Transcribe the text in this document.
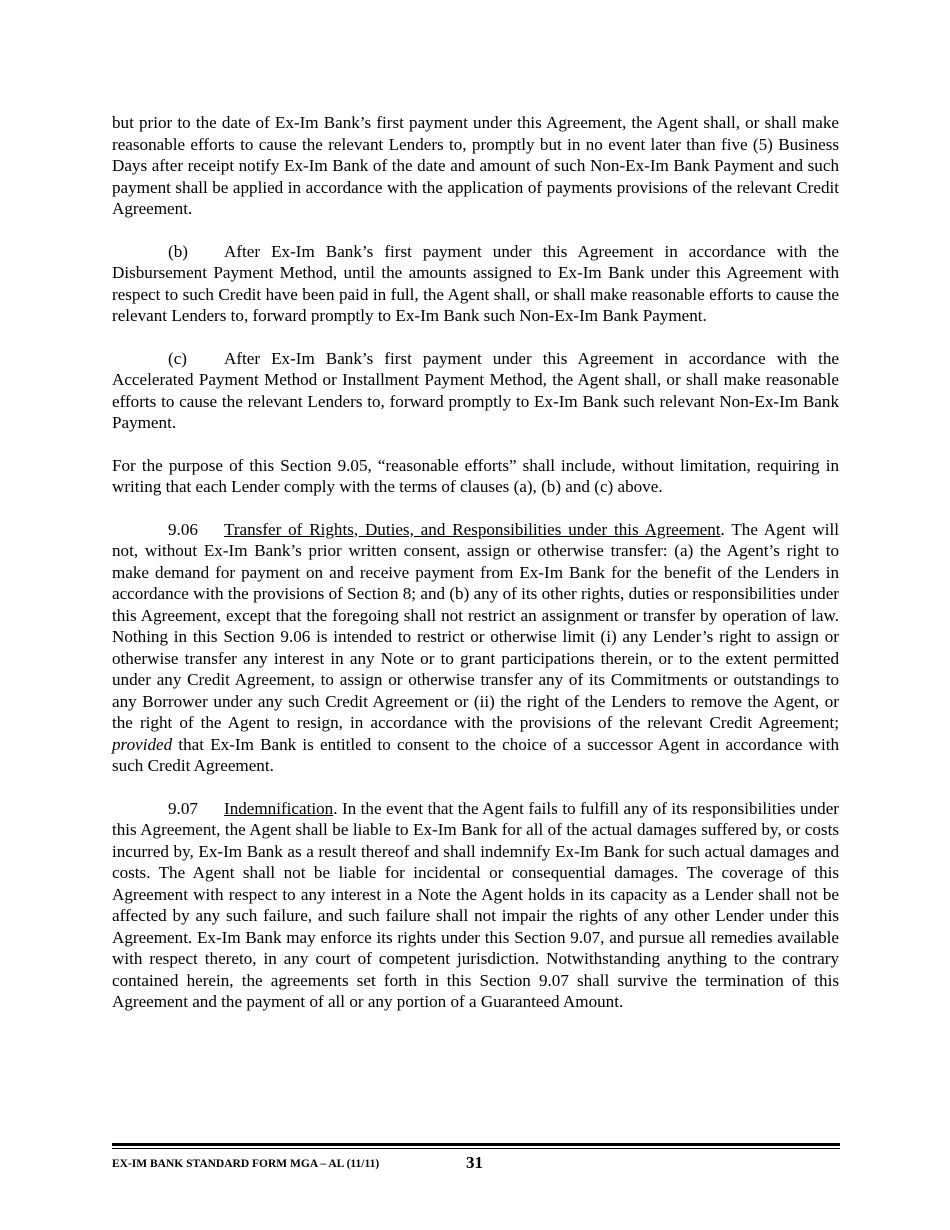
but prior to the date of Ex-Im Bank’s first payment under this Agreement, the Agent shall, or shall make reasonable efforts to cause the relevant Lenders to, promptly but in no event later than five (5) Business Days after receipt notify Ex-Im Bank of the date and amount of such Non-Ex-Im Bank Payment and such payment shall be applied in accordance with the application of payments provisions of the relevant Credit Agreement.

(b) After Ex-Im Bank’s first payment under this Agreement in accordance with the Disbursement Payment Method, until the amounts assigned to Ex-Im Bank under this Agreement with respect to such Credit have been paid in full, the Agent shall, or shall make reasonable efforts to cause the relevant Lenders to, forward promptly to Ex-Im Bank such Non-Ex-Im Bank Payment.

(c) After Ex-Im Bank’s first payment under this Agreement in accordance with the Accelerated Payment Method or Installment Payment Method, the Agent shall, or shall make reasonable efforts to cause the relevant Lenders to, forward promptly to Ex-Im Bank such relevant Non-Ex-Im Bank Payment.

For the purpose of this Section 9.05, “reasonable efforts” shall include, without limitation, requiring in writing that each Lender comply with the terms of clauses (a), (b) and (c) above.

9.06 Transfer of Rights, Duties, and Responsibilities under this Agreement. The Agent will not, without Ex-Im Bank’s prior written consent, assign or otherwise transfer: (a) the Agent’s right to make demand for payment on and receive payment from Ex-Im Bank for the benefit of the Lenders in accordance with the provisions of Section 8; and (b) any of its other rights, duties or responsibilities under this Agreement, except that the foregoing shall not restrict an assignment or transfer by operation of law. Nothing in this Section 9.06 is intended to restrict or otherwise limit (i) any Lender’s right to assign or otherwise transfer any interest in any Note or to grant participations therein, or to the extent permitted under any Credit Agreement, to assign or otherwise transfer any of its Commitments or outstandings to any Borrower under any such Credit Agreement or (ii) the right of the Lenders to remove the Agent, or the right of the Agent to resign, in accordance with the provisions of the relevant Credit Agreement; provided that Ex-Im Bank is entitled to consent to the choice of a successor Agent in accordance with such Credit Agreement.

9.07 Indemnification. In the event that the Agent fails to fulfill any of its responsibilities under this Agreement, the Agent shall be liable to Ex-Im Bank for all of the actual damages suffered by, or costs incurred by, Ex-Im Bank as a result thereof and shall indemnify Ex-Im Bank for such actual damages and costs. The Agent shall not be liable for incidental or consequential damages. The coverage of this Agreement with respect to any interest in a Note the Agent holds in its capacity as a Lender shall not be affected by any such failure, and such failure shall not impair the rights of any other Lender under this Agreement. Ex-Im Bank may enforce its rights under this Section 9.07, and pursue all remedies available with respect thereto, in any court of competent jurisdiction. Notwithstanding anything to the contrary contained herein, the agreements set forth in this Section 9.07 shall survive the termination of this Agreement and the payment of all or any portion of a Guaranteed Amount.

EX-IM BANK STANDARD FORM MGA – AL (11/11)	31
